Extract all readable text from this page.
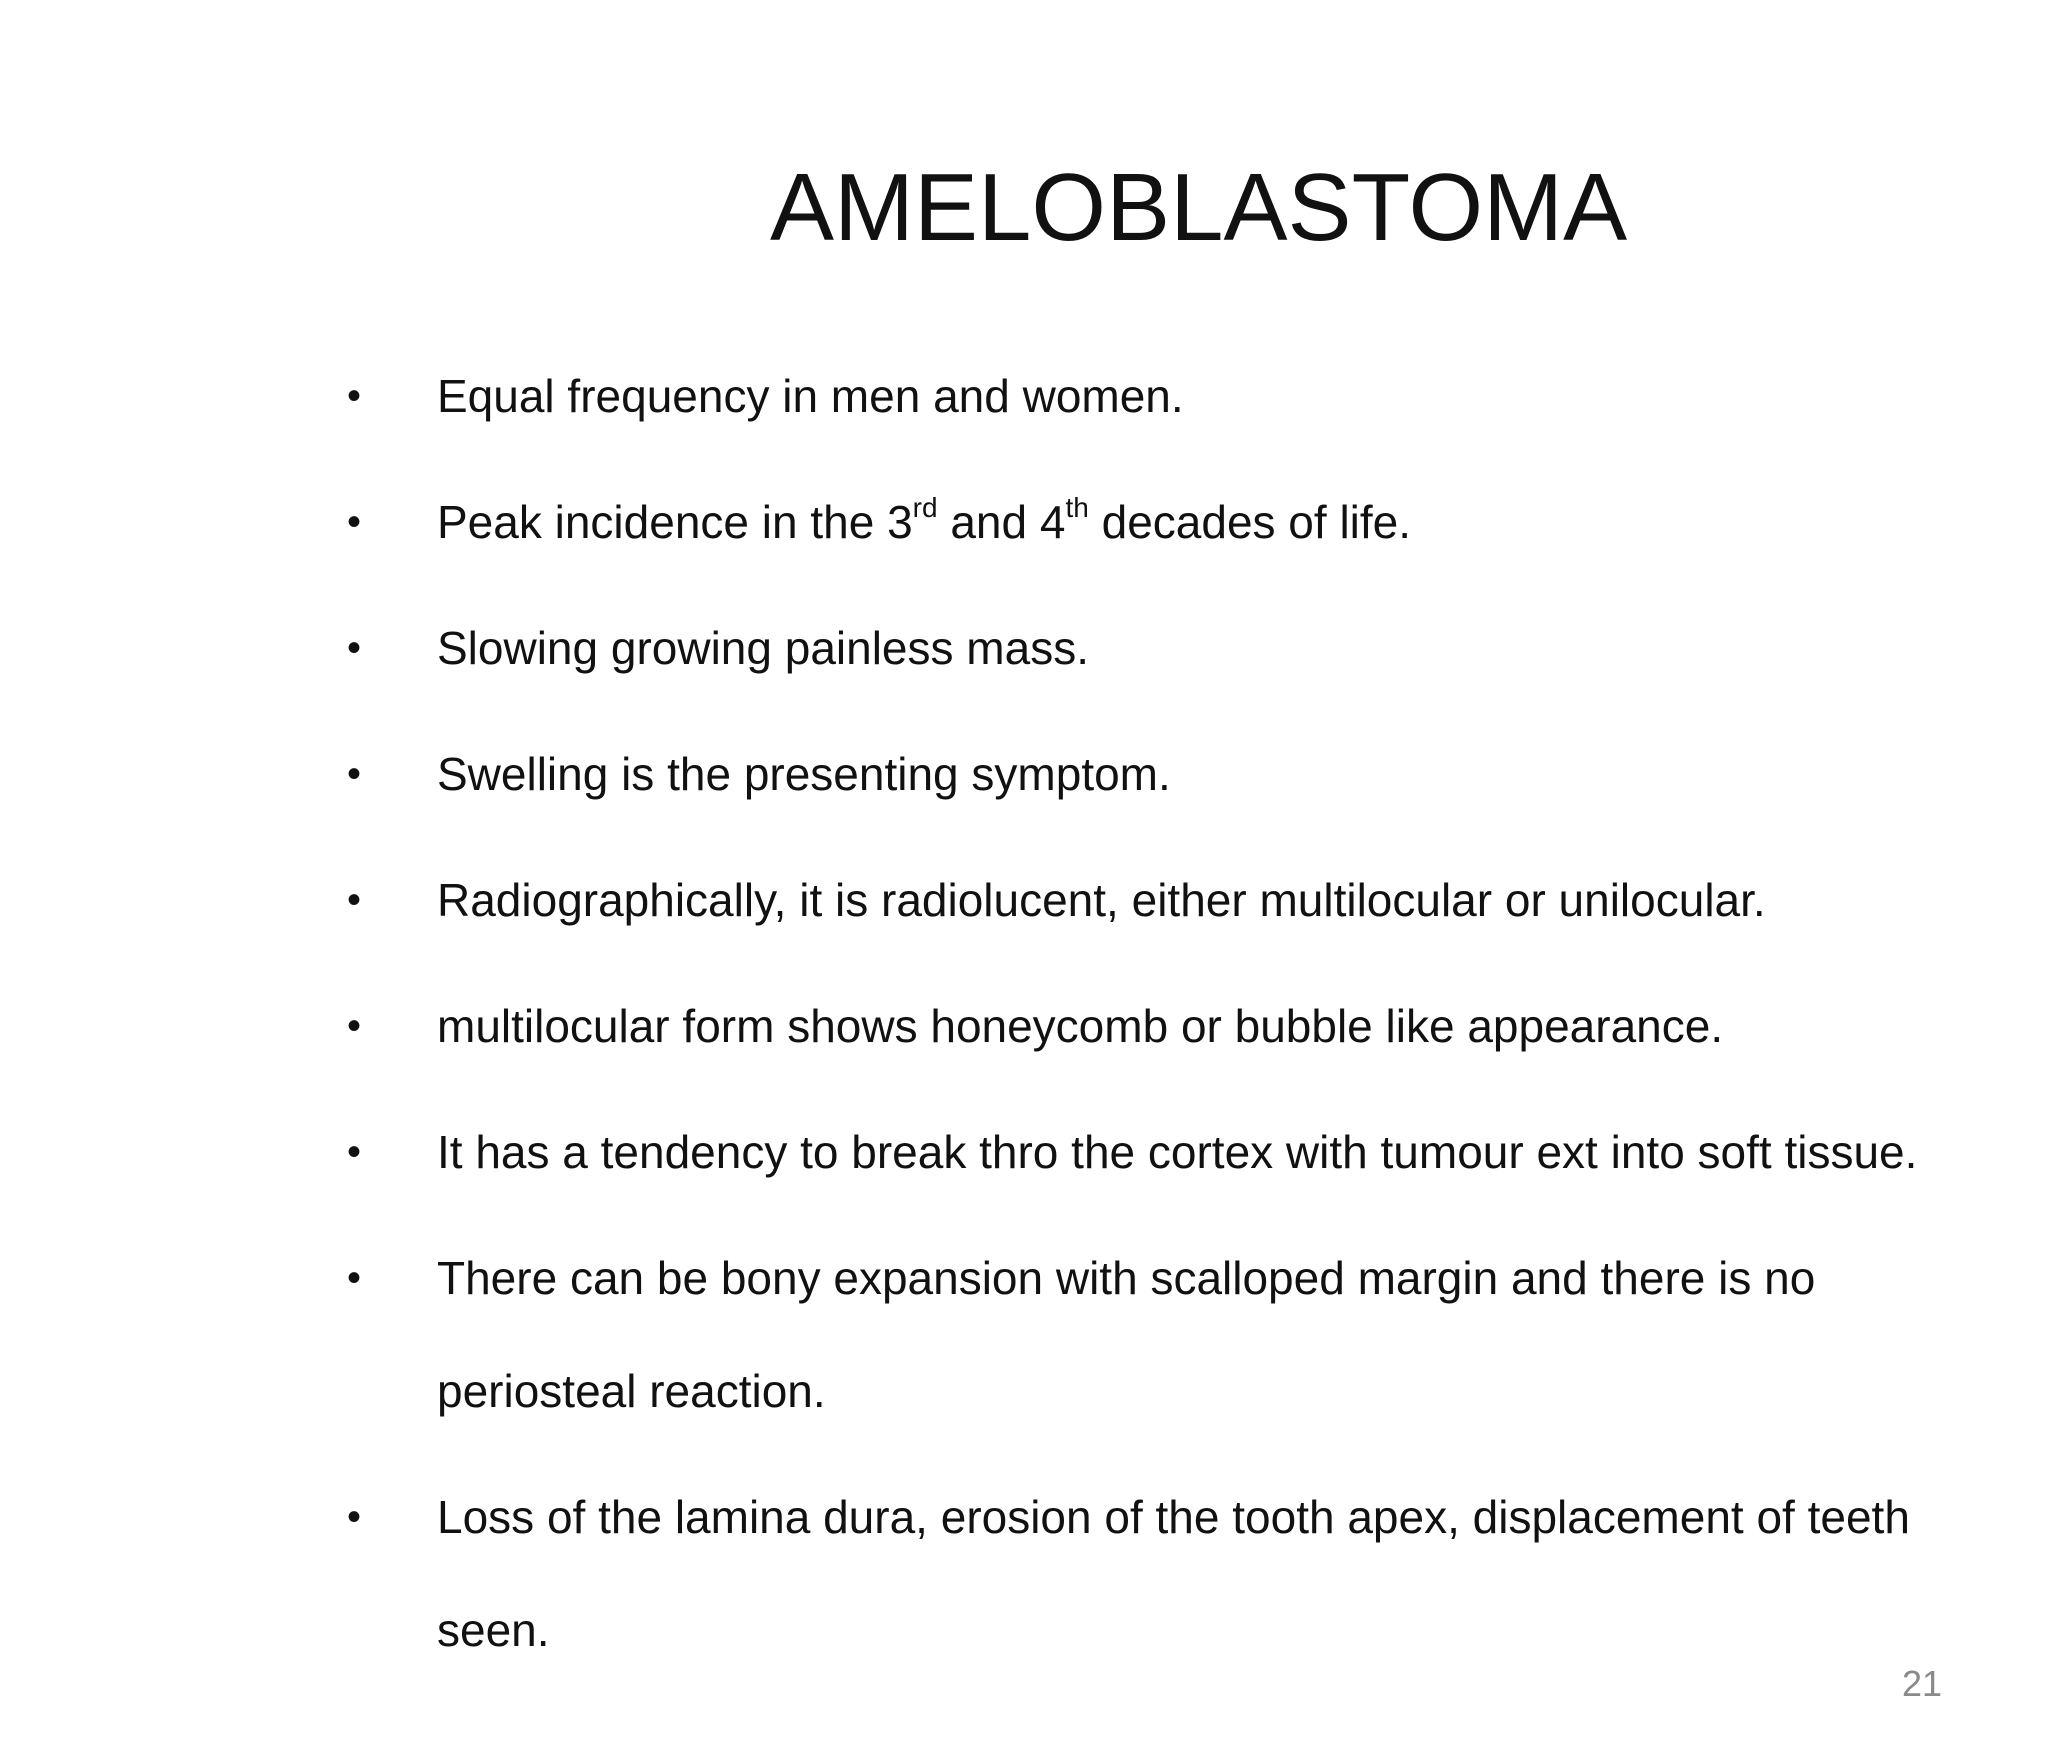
AMELOBLASTOMA
• Equal frequency in men and women.
• Peak incidence in the 3rd and 4th decades of life.
• Slowing growing painless mass.
• Swelling is the presenting symptom.
• Radiographically, it is radiolucent, either multilocular or unilocular.
• multilocular form shows honeycomb or bubble like appearance.
• It has a tendency to break thro the cortex with tumour ext into soft tissue.
• There can be bony expansion with scalloped margin and there is no periosteal reaction.
• Loss of the lamina dura, erosion of the tooth apex, displacement of teeth seen.
21
